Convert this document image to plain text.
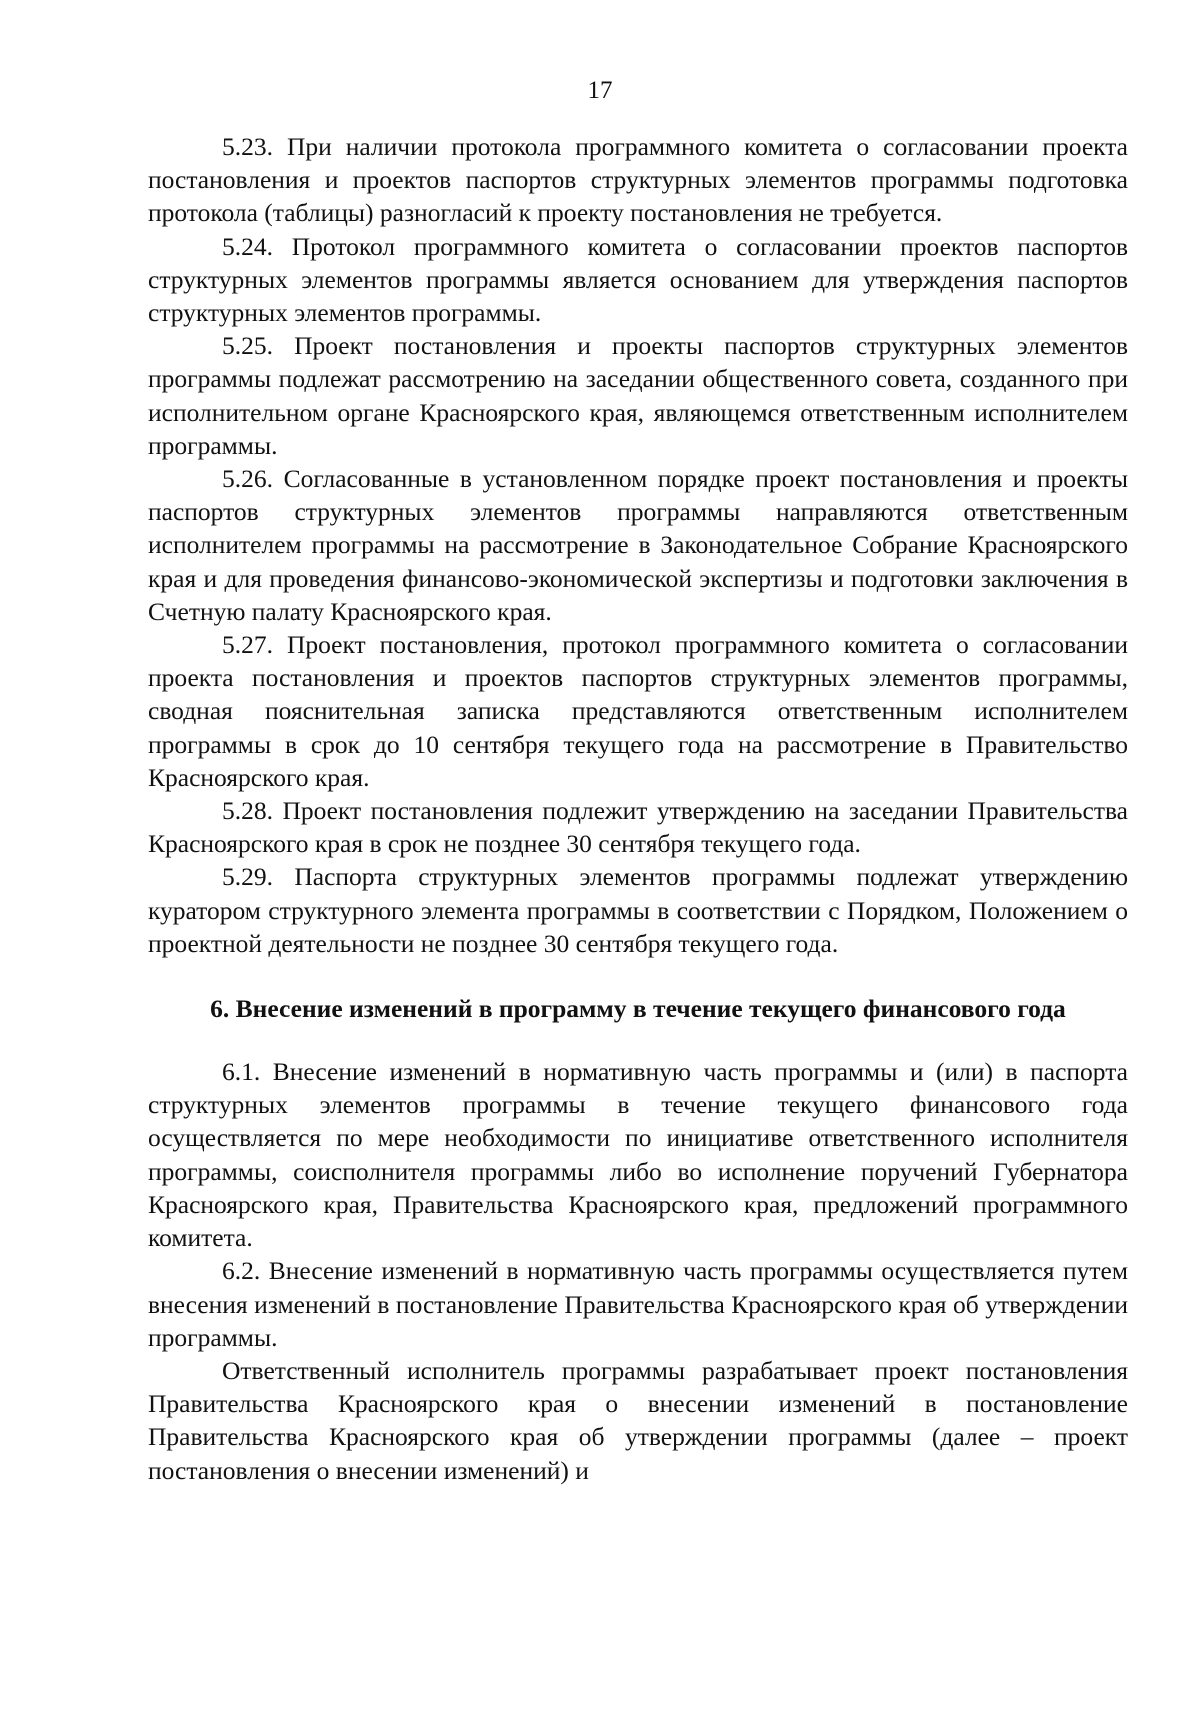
17

5.23. При наличии протокола программного комитета о согласовании проекта постановления и проектов паспортов структурных элементов программы подготовка протокола (таблицы) разногласий к проекту постановления не требуется.

5.24. Протокол программного комитета о согласовании проектов паспортов структурных элементов программы является основанием для утверждения паспортов структурных элементов программы.

5.25. Проект постановления и проекты паспортов структурных элементов программы подлежат рассмотрению на заседании общественного совета, созданного при исполнительном органе Красноярского края, являющемся ответственным исполнителем программы.

5.26. Согласованные в установленном порядке проект постановления и проекты паспортов структурных элементов программы направляются ответственным исполнителем программы на рассмотрение в Законодательное Собрание Красноярского края и для проведения финансово-экономической экспертизы и подготовки заключения в Счетную палату Красноярского края.

5.27. Проект постановления, протокол программного комитета о согласовании проекта постановления и проектов паспортов структурных элементов программы, сводная пояснительная записка представляются ответственным исполнителем программы в срок до 10 сентября текущего года на рассмотрение в Правительство Красноярского края.

5.28. Проект постановления подлежит утверждению на заседании Правительства Красноярского края в срок не позднее 30 сентября текущего года.

5.29. Паспорта структурных элементов программы подлежат утверждению куратором структурного элемента программы в соответствии с Порядком, Положением о проектной деятельности не позднее 30 сентября текущего года.

6. Внесение изменений в программу в течение текущего финансового года

6.1. Внесение изменений в нормативную часть программы и (или) в паспорта структурных элементов программы в течение текущего финансового года осуществляется по мере необходимости по инициативе ответственного исполнителя программы, соисполнителя программы либо во исполнение поручений Губернатора Красноярского края, Правительства Красноярского края, предложений программного комитета.

6.2. Внесение изменений в нормативную часть программы осуществляется путем внесения изменений в постановление Правительства Красноярского края об утверждении программы.

Ответственный исполнитель программы разрабатывает проект постановления Правительства Красноярского края о внесении изменений в постановление Правительства Красноярского края об утверждении программы (далее – проект постановления о внесении изменений) и
